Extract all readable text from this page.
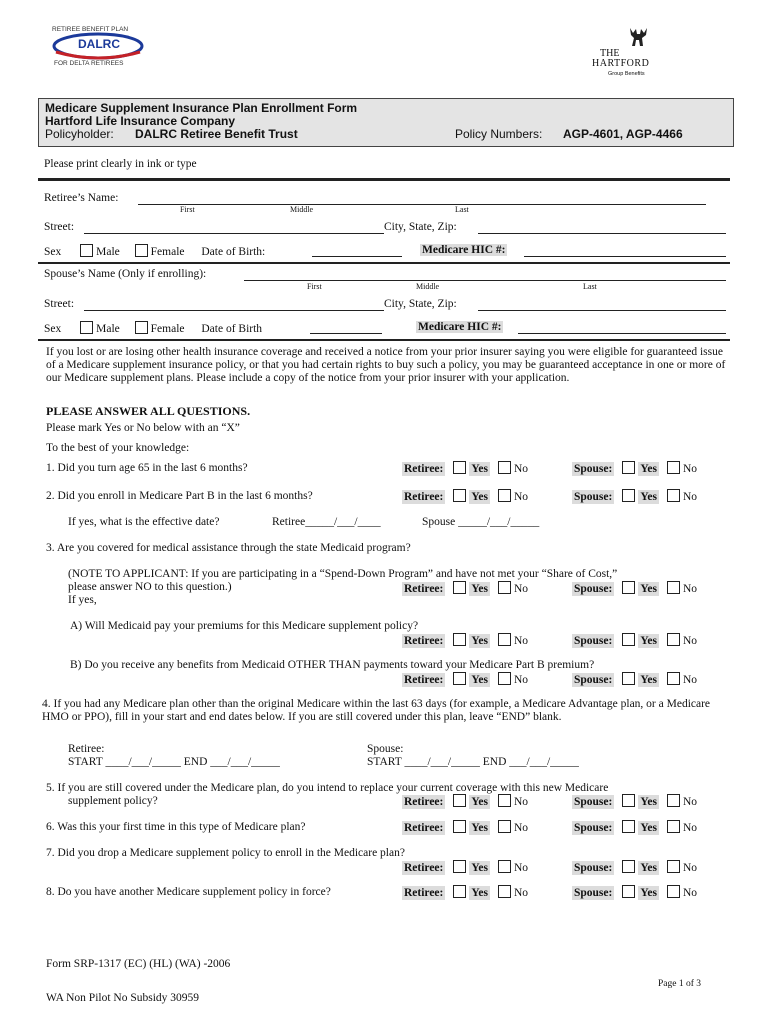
RETIREE BENEFIT PLAN
DALRC
FOR DELTA RETIREES
THE
HARTFORD
Group Benefits
Medicare Supplement Insurance Plan Enrollment Form
Hartford Life Insurance Company
Policyholder: DALRC Retiree Benefit Trust	Policy Numbers: AGP-4601, AGP-4466
Please print clearly in ink or type
Retiree’s Name:
First	Middle	Last
Street:	City, State, Zip:
Sex	Male	Female Date of Birth:	Medicare HIC #:
Spouse’s Name (Only if enrolling):
First	Middle	Last
Street:	City, State, Zip:
Sex	Male	Female Date of Birth	Medicare HIC #:
If you lost or are losing other health insurance coverage and received a notice from your prior insurer saying you were eligible for guaranteed issue of a Medicare supplement insurance policy, or that you had certain rights to buy such a policy, you may be guaranteed acceptance in one or more of our Medicare supplement plans. Please include a copy of the notice from your prior insurer with your application.
PLEASE ANSWER ALL QUESTIONS.
Please mark Yes or No below with an “X”
To the best of your knowledge:
1. Did you turn age 65 in the last 6 months?	Retiree: Yes No	Spouse: Yes No
2. Did you enroll in Medicare Part B in the last 6 months?	Retiree: Yes No	Spouse: Yes No
If yes, what is the effective date?	Retiree_____/___/____	Spouse _____/___/_____
3. Are you covered for medical assistance through the state Medicaid program?
(NOTE TO APPLICANT: If you are participating in a “Spend-Down Program” and have not met your “Share of Cost,”
please answer NO to this question.)
If yes,
Retiree: Yes No	Spouse: Yes No
A) Will Medicaid pay your premiums for this Medicare supplement policy?
Retiree: Yes No	Spouse: Yes No
B) Do you receive any benefits from Medicaid OTHER THAN payments toward your Medicare Part B premium?
Retiree: Yes No	Spouse: Yes No
4. If you had any Medicare plan other than the original Medicare within the last 63 days (for example, a Medicare Advantage plan, or a Medicare HMO or PPO), fill in your start and end dates below. If you are still covered under this plan, leave “END” blank.
Retiree:
START ____/___/_____ END ___/___/_____
Spouse:
START ____/___/_____ END ___/___/_____
5. If you are still covered under the Medicare plan, do you intend to replace your current coverage with this new Medicare
supplement policy?	Retiree: Yes No	Spouse: Yes No
6. Was this your first time in this type of Medicare plan?	Retiree: Yes No	Spouse: Yes No
7. Did you drop a Medicare supplement policy to enroll in the Medicare plan?
Retiree: Yes No	Spouse: Yes No
8. Do you have another Medicare supplement policy in force?	Retiree: Yes No	Spouse: Yes No
Form SRP-1317 (EC) (HL) (WA) -2006
Page 1 of 3
WA Non Pilot No Subsidy 30959
